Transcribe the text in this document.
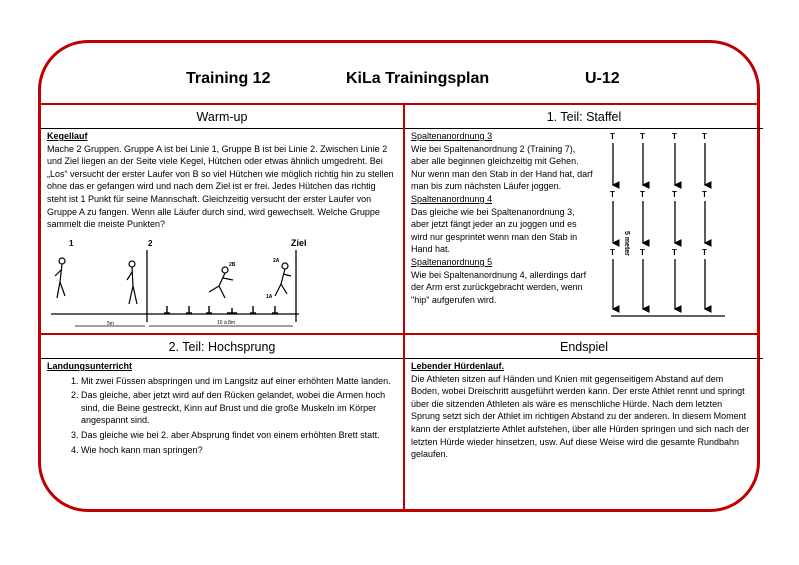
Training 12	KiLa Trainingsplan	U-12
Warm-up
Kegellauf
Mache 2 Gruppen. Gruppe A ist bei Linie 1, Gruppe B ist bei Linie 2. Zwischen Linie 2 und Ziel liegen an der Seite viele Kegel, Hütchen oder etwas ähnlich umgedreht. Bei „Los“ versucht der erster Laufer von B so viel Hütchen wie möglich richtig hin zu stellen ohne das er gefangen wird und nach dem Ziel ist er frei. Jedes Hütchen das richtig steht ist 1 Punkt für seine Mannschaft. Gleichzeitig versucht der erster Laufer von Gruppe A zu fangen. Wenn alle Läufer durch sind, wird gewechselt. Welche Gruppe sammelt die meiste Punkten?
1	2	Ziel
2B
2A
1A
5m	10 à 8m
1. Teil: Staffel
Spaltenanordnung 3
Wie bei Spaltenanordnung 2 (Training 7), aber alle beginnen gleichzeitig mit Gehen. Nur wenn man den Stab in der Hand hat, darf man bis zum nächsten Läufer joggen.
Spaltenanordnung 4
Das gleiche wie bei Spaltenanordnung 3, aber jetzt fängt jeder an zu joggen und es wird nur gesprintet wenn man den Stab in Hand hat.
Spaltenanordnung 5
Wie bei Spaltenanordnung 4, allerdings darf der Arm erst zurückgebracht werden, wenn "hip" aufgerufen wird.
T
T
T
T
T
T
T
T
T
T
T
T
5 meter
2. Teil: Hochsprung
Landungsunterricht
1. Mit zwei Füssen abspringen und im Langsitz auf einer erhöhten Matte landen.
2. Das gleiche, aber jetzt wird auf den Rücken gelandet, wobei die Armen hoch sind, die Beine gestreckt, Kinn auf Brust und die große Muskeln im Körper angespannt sind.
3. Das gleiche wie bei 2. aber Absprung findet von einem erhöhten Brett statt.
4. Wie hoch kann man springen?
Endspiel
Lebender Hürdenlauf.
Die Athleten sitzen auf Händen und Knien mit gegenseitigem Abstand auf dem Boden, wobei Dreischritt ausgeführt werden kann. Der erste Athlet rennt und springt über die sitzenden Athleten als wäre es menschliche Hürde. Nach dem letzten Sprung setzt sich der Athlet im richtigen Abstand zu der anderen. In diesem Moment kann der erstplatzierte Athlet aufstehen, über alle Hürden springen und sich nach der letzten Hürde wieder hinsetzen, usw. Auf diese Weise wird die gesamte Rundbahn gelaufen.
